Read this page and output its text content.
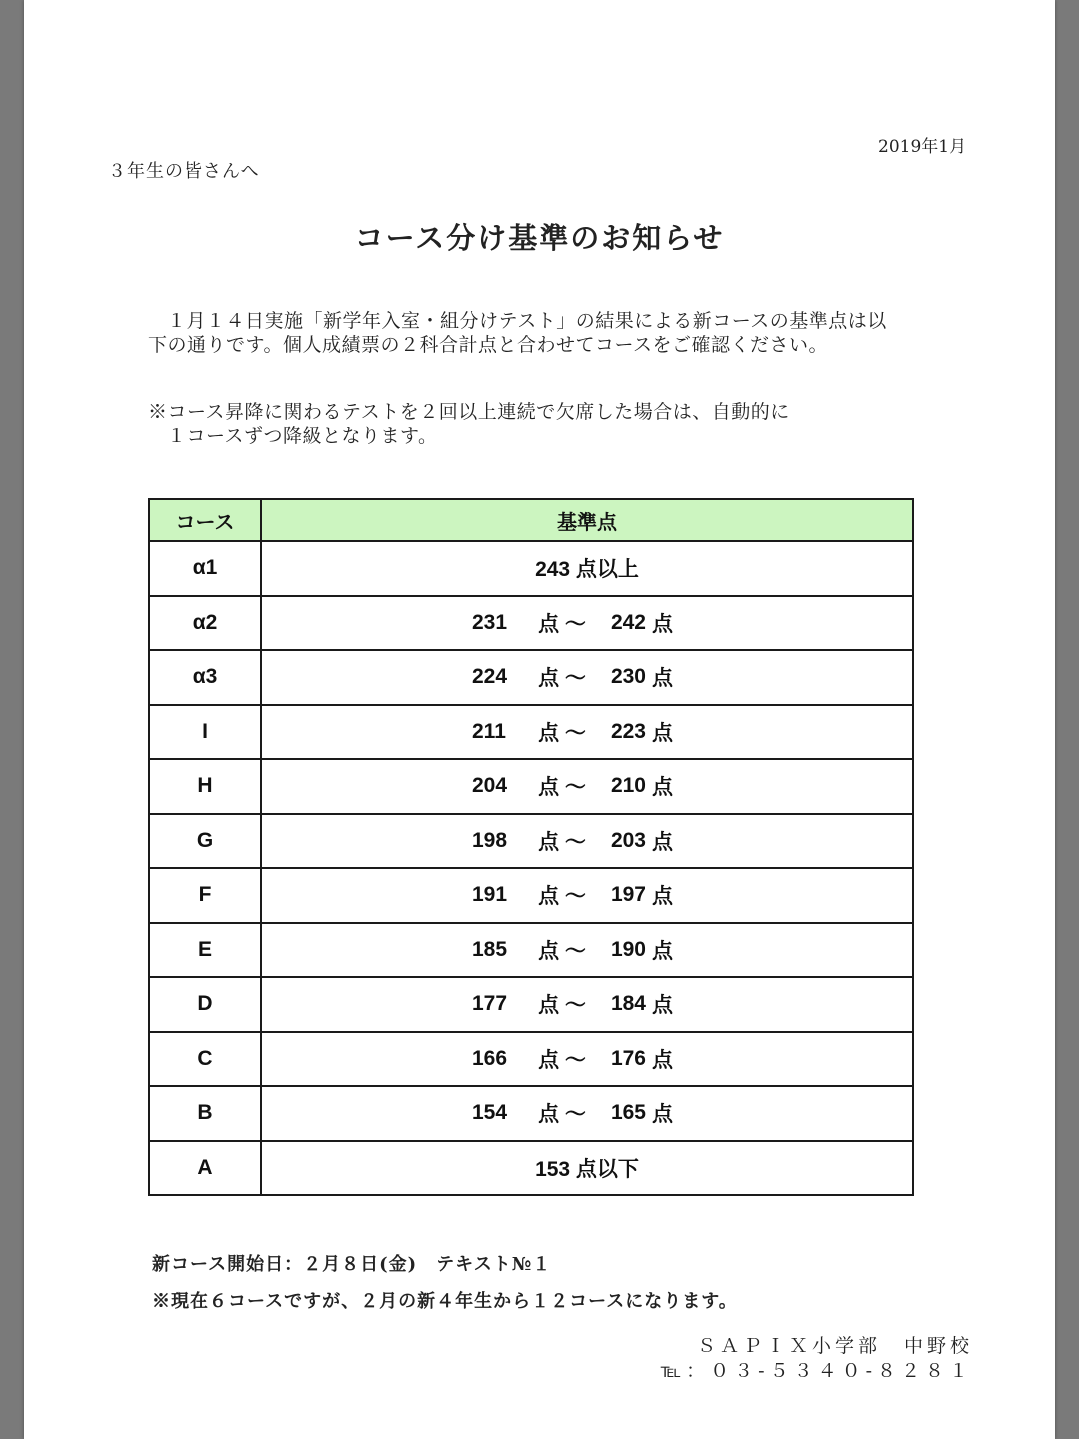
2019年1月
３年生の皆さんへ
コース分け基準のお知らせ
１月１４日実施「新学年入室・組分けテスト」の結果による新コースの基準点は以下の通りです。個人成績票の２科合計点と合わせてコースをご確認ください。
※コース昇降に関わるテストを２回以上連続で欠席した場合は、自動的に
１コースずつ降級となります。
コース	基準点
α1	243 点以上
α2	231 点 ～ 242 点

α3	224 点 ～ 230 点

I	211 点 ～ 223 点

H	204 点 ～ 210 点

G	198 点 ～ 203 点

F	191 点 ～ 197 点

E	185 点 ～ 190 点

D	177 点 ～ 184 点

C	166 点 ～ 176 点

B	154 点 ～ 165 点

A	153 点以下
新コース開始日：２月８日(金)　テキスト№１
※現在６コースですが、２月の新４年生から１２コースになります。
ＳＡＰＩＸ小学部　中野校
℡：０３-５３４０-８２８１
